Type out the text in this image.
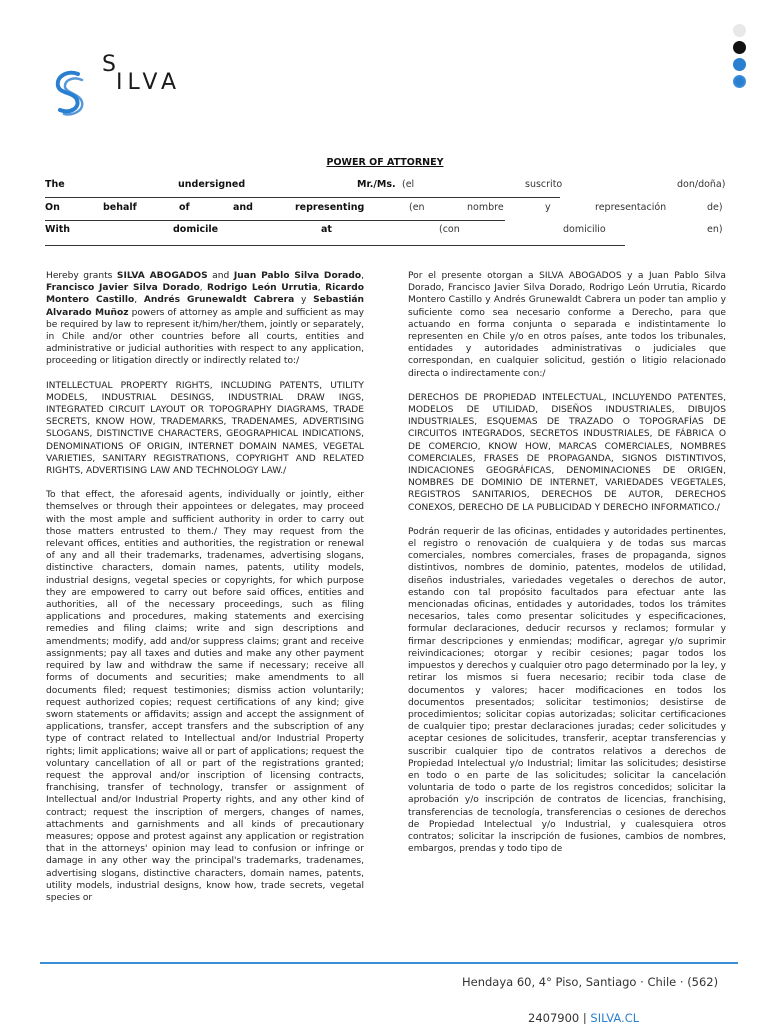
S
ILVA
POWER OF ATTORNEY
The	undersigned	Mr./Ms. (el	suscrito	don/doña)
On	behalf	of	and	representing	(en	nombre	y	representación	de)
With	domicile	at	(con	domicilio	en)

Hereby grants SILVA ABOGADOS and Juan Pablo Silva Dorado, Francisco Javier Silva Dorado, Rodrigo León Urrutia, Ricardo Montero Castillo, Andrés Grunewaldt Cabrera y Sebastián Alvarado Muñoz powers of attorney as ample and sufficient as may be required by law to represent it/him/her/them, jointly or separately, in Chile and/or other countries before all courts, entities and administrative or judicial authorities with respect to any application, proceeding or litigation directly or indirectly related to:/

INTELLECTUAL PROPERTY RIGHTS, INCLUDING PATENTS, UTILITY MODELS, INDUSTRIAL DESINGS, INDUSTRIAL DRAW INGS, INTEGRATED CIRCUIT LAYOUT OR TOPOGRAPHY DIAGRAMS, TRADE SECRETS, KNOW HOW, TRADEMARKS, TRADENAMES, ADVERTISING SLOGANS, DISTINCTIVE CHARACTERS, GEOGRAPHICAL INDICATIONS, DENOMINATIONS OF ORIGIN, INTERNET DOMAIN NAMES, VEGETAL VARIETIES, SANITARY REGISTRATIONS, COPYRIGHT AND RELATED RIGHTS, ADVERTISING LAW AND TECHNOLOGY LAW./

To that effect, the aforesaid agents, individually or jointly, either themselves or through their appointees or delegates, may proceed with the most ample and sufficient authority in order to carry out those matters entrusted to them./ They may request from the relevant offices, entities and authorities, the registration or renewal of any and all their trademarks, tradenames, advertising slogans, distinctive characters, domain names, patents, utility models, industrial designs, vegetal species or copyrights, for which purpose they are empowered to carry out before said offices, entities and authorities, all of the necessary proceedings, such as filing applications and procedures, making statements and exercising remedies and filing claims; write and sign descriptions and amendments; modify, add and/or suppress claims; grant and receive assignments; pay all taxes and duties and make any other payment required by law and withdraw the same if necessary; receive all forms of documents and securities; make amendments to all documents filed; request testimonies; dismiss action voluntarily; request authorized copies; request certifications of any kind; give sworn statements or affidavits; assign and accept the assignment of applications, transfer, accept transfers and the subscription of any type of contract related to Intellectual and/or Industrial Property rights; limit applications; waive all or part of applications; request the voluntary cancellation of all or part of the registrations granted; request the approval and/or inscription of licensing contracts, franchising, transfer of technology, transfer or assignment of Intellectual and/or Industrial Property rights, and any other kind of contract; request the inscription of mergers, changes of names, attachments and garnishments and all kinds of precautionary measures; oppose and protest against any application or registration that in the attorneys' opinion may lead to confusion or infringe or damage in any other way the principal's trademarks, tradenames, advertising slogans, distinctive characters, domain names, patents, utility models, industrial designs, know how, trade secrets, vegetal species or

Por el presente otorgan a SILVA ABOGADOS y a Juan Pablo Silva Dorado, Francisco Javier Silva Dorado, Rodrigo León Urrutia, Ricardo Montero Castillo y Andrés Grunewaldt Cabrera un poder tan amplio y suficiente como sea necesario conforme a Derecho, para que actuando en forma conjunta o separada e indistintamente lo representen en Chile y/o en otros países, ante todos los tribunales, entidades y autoridades administrativas o judiciales que correspondan, en cualquier solicitud, gestión o litigio relacionado directa o indirectamente con:/

DERECHOS DE PROPIEDAD INTELECTUAL, INCLUYENDO PATENTES, MODELOS DE UTILIDAD, DISEÑOS INDUSTRIALES, DIBUJOS INDUSTRIALES, ESQUEMAS DE TRAZADO O TOPOGRAFÍAS DE CIRCUITOS INTEGRADOS, SECRETOS INDUSTRIALES, DE FÁBRICA O DE COMERCIO, KNOW HOW, MARCAS COMERCIALES, NOMBRES COMERCIALES, FRASES DE PROPAGANDA, SIGNOS DISTINTIVOS, INDICACIONES GEOGRÁFICAS, DENOMINACIONES DE ORIGEN, NOMBRES DE DOMINIO DE INTERNET, VARIEDADES VEGETALES, REGISTROS SANITARIOS, DERECHOS DE AUTOR, DERECHOS CONEXOS, DERECHO DE LA PUBLICIDAD Y DERECHO INFORMATICO./

Podrán requerir de las oficinas, entidades y autoridades pertinentes, el registro o renovación de cualquiera y de todas sus marcas comerciales, nombres comerciales, frases de propaganda, signos distintivos, nombres de dominio, patentes, modelos de utilidad, diseños industriales, variedades vegetales o derechos de autor, estando con tal propósito facultados para efectuar ante las mencionadas oficinas, entidades y autoridades, todos los trámites necesarios, tales como presentar solicitudes y especificaciones, formular declaraciones, deducir recursos y reclamos; formular y firmar descripciones y enmiendas; modificar, agregar y/o suprimir reivindicaciones; otorgar y recibir cesiones; pagar todos los impuestos y derechos y cualquier otro pago determinado por la ley, y retirar los mismos si fuera necesario; recibir toda clase de documentos y valores; hacer modificaciones en todos los documentos presentados; solicitar testimonios; desistirse de procedimientos; solicitar copias autorizadas; solicitar certificaciones de cualquier tipo; prestar declaraciones juradas; ceder solicitudes y aceptar cesiones de solicitudes, transferir, aceptar transferencias y suscribir cualquier tipo de contratos relativos a derechos de Propiedad Intelectual y/o Industrial; limitar las solicitudes; desistirse en todo o en parte de las solicitudes; solicitar la cancelación voluntaria de todo o parte de los registros concedidos; solicitar la aprobación y/o inscripción de contratos de licencias, franchising, transferencias de tecnología, transferencias o cesiones de derechos de Propiedad Intelectual y/o Industrial, y cualesquiera otros contratos; solicitar la inscripción de fusiones, cambios de nombres, embargos, prendas y todo tipo de

Hendaya 60, 4° Piso, Santiago · Chile · (562)
2407900 | SILVA.CL
